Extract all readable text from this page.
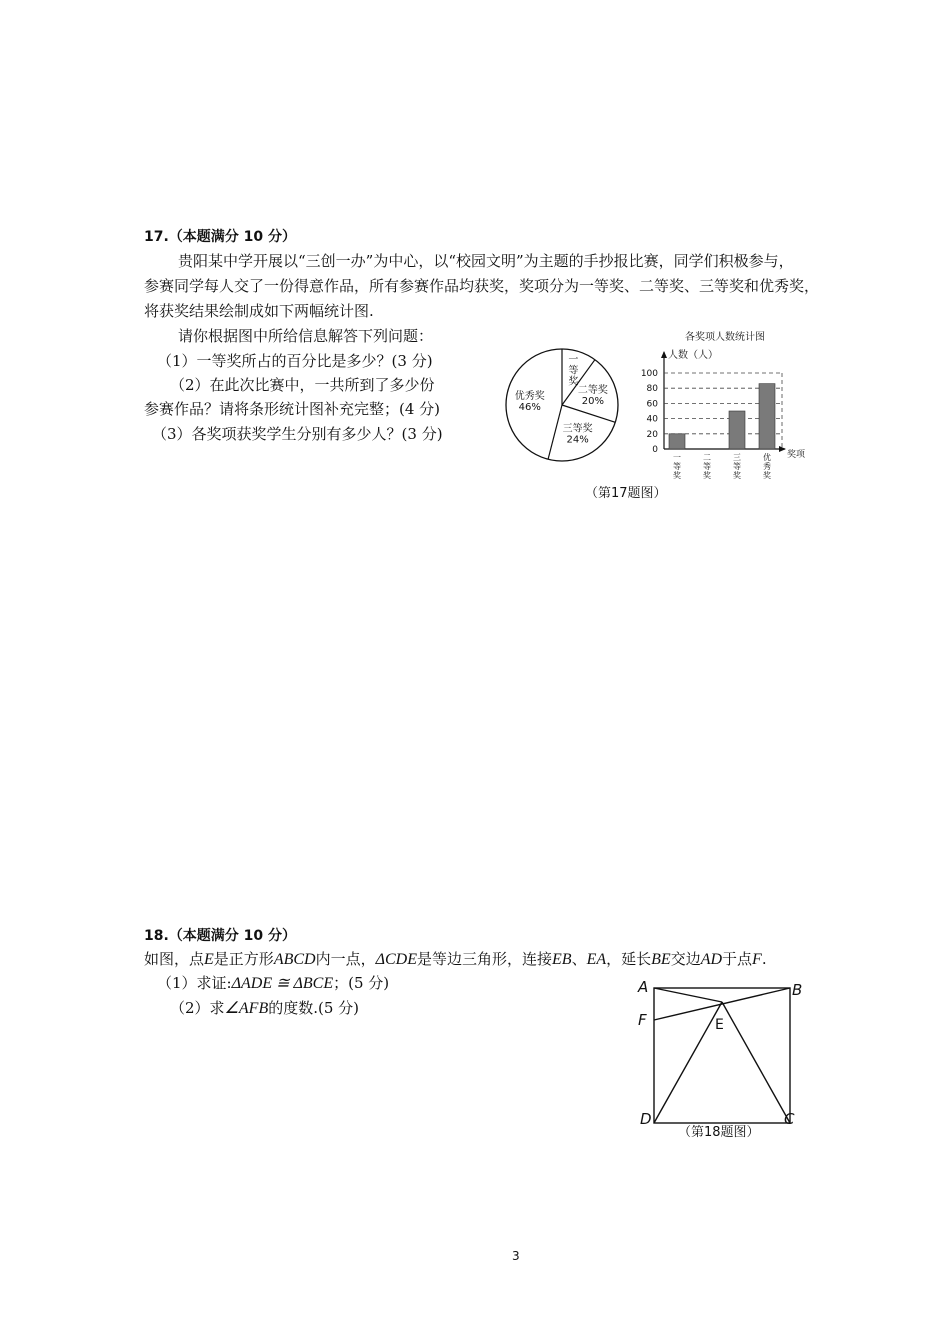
17.（本题满分 10 分）
贵阳某中学开展以“三创一办”为中心，以“校园文明”为主题的手抄报比赛，同学们积极参与，
参赛同学每人交了一份得意作品，所有参赛作品均获奖，奖项分为一等奖、二等奖、三等奖和优秀奖，
将获奖结果绘制成如下两幅统计图.
请你根据图中所给信息解答下列问题：
（1）一等奖所占的百分比是多少？(3 分)
（2）在此次比赛中，一共所到了多少份
参赛作品？请将条形统计图补充完整；(4 分)
（3）各奖项获奖学生分别有多少人？(3 分)
一
等
奖
二等奖
20%
三等奖
24%
优秀奖
46%
各奖项人数统计图
人数（人）
奖项
0
20
40
60
80
100
一
等
奖
二
等
奖
三
等
奖
优
秀
奖
（第17题图）
18.（本题满分 10 分）
如图，点E是正方形ABCD内一点，ΔCDE是等边三角形，连接EB、EA，延长BE交边AD于点F.
（1）求证:ΔADE ≅ ΔBCE；(5 分)
（2）求∠AFB的度数.(5 分)
A	B
F
D	C
E
（第18题图）
3
